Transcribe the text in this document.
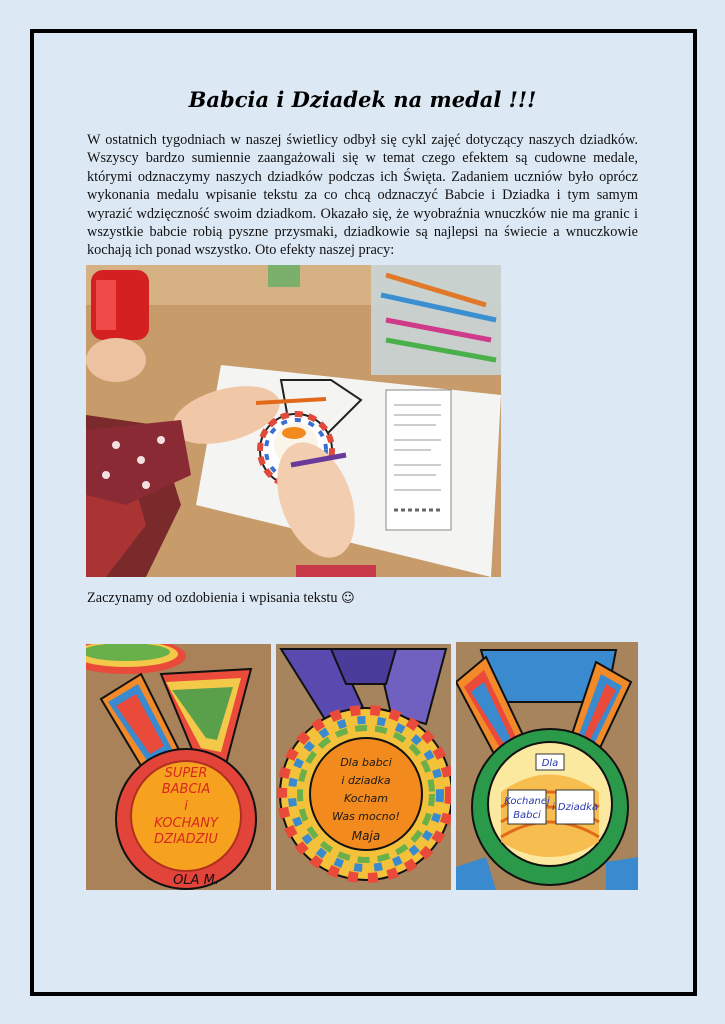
Babcia i Dziadek na medal !!!

W ostatnich tygodniach w naszej świetlicy odbył się cykl zajęć dotyczący naszych dziadków. Wszyscy bardzo sumiennie zaangażowali się w temat czego efektem są cudowne medale, którymi odznaczymy naszych dziadków podczas ich Święta. Zadaniem uczniów było oprócz wykonania medalu wpisanie tekstu za co chcą odznaczyć Babcie i Dziadka i tym samym wyrazić wdzięczność swoim dziadkom. Okazało się, że wyobraźnia wnuczków nie ma granic i wszystkie babcie robią pyszne przysmaki, dziadkowie są najlepsi na świecie a wnuczkowie kochają ich ponad wszystko. Oto efekty naszej pracy:

Zaczynamy od ozdobienia i wpisania tekstu ☺

SUPER
BABCIA
i
KOCHANY
DZIADZIU
OLA M.
Dla babci
i dziadka
Kocham
Was mocno!
Maja
Dla
Kochanej
Babci
i Dziadka
